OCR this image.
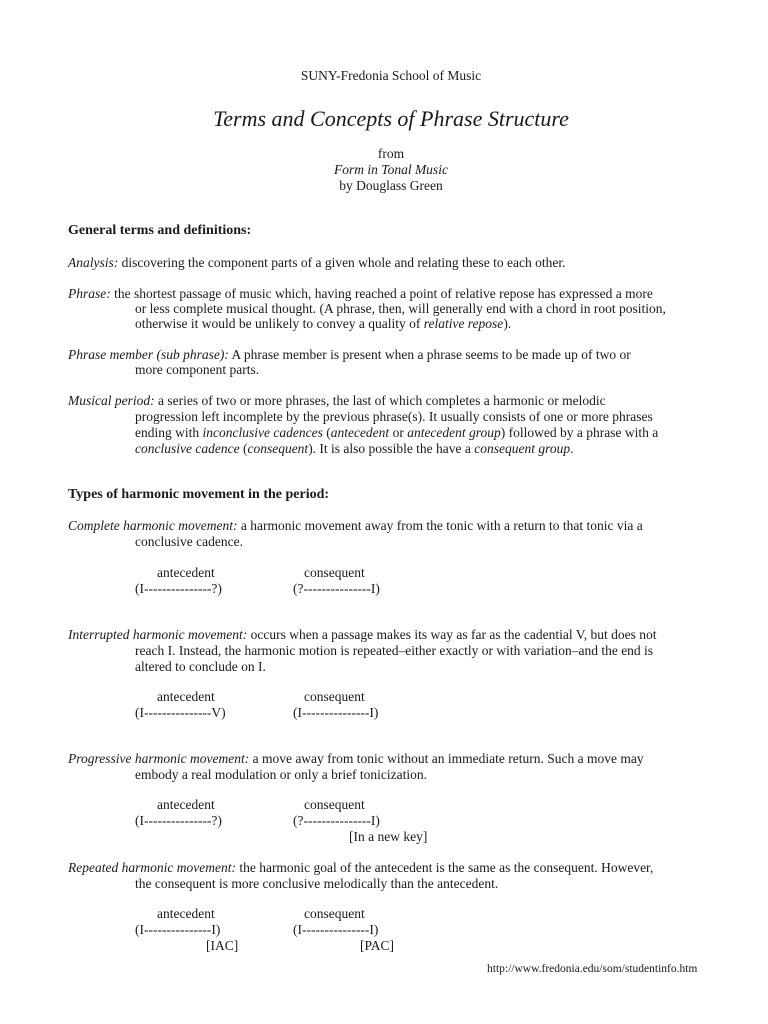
SUNY-Fredonia School of Music
Terms and Concepts of Phrase Structure
from
Form in Tonal Music
by Douglass Green
General terms and definitions:
Analysis: discovering the component parts of a given whole and relating these to each other.
Phrase: the shortest passage of music which, having reached a point of relative repose has expressed a more
or less complete musical thought. (A phrase, then, will generally end with a chord in root position,
otherwise it would be unlikely to convey a quality of relative repose).
Phrase member (sub phrase): A phrase member is present when a phrase seems to be made up of two or
more component parts.
Musical period: a series of two or more phrases, the last of which completes a harmonic or melodic
progression left incomplete by the previous phrase(s). It usually consists of one or more phrases
ending with inconclusive cadences (antecedent or antecedent group) followed by a phrase with a
conclusive cadence (consequent). It is also possible the have a consequent group.
Types of harmonic movement in the period:
Complete harmonic movement: a harmonic movement away from the tonic with a return to that tonic via a
conclusive cadence.
antecedent	consequent
(I---------------?)	(?---------------I)
Interrupted harmonic movement: occurs when a passage makes its way as far as the cadential V, but does not
reach I. Instead, the harmonic motion is repeated–either exactly or with variation–and the end is
altered to conclude on I.
antecedent	consequent
(I---------------V)	(I---------------I)
Progressive harmonic movement: a move away from tonic without an immediate return. Such a move may
embody a real modulation or only a brief tonicization.
antecedent	consequent
(I---------------?)	(?---------------I)
[In a new key]
Repeated harmonic movement: the harmonic goal of the antecedent is the same as the consequent. However,
the consequent is more conclusive melodically than the antecedent.
antecedent	consequent
(I---------------I)	(I---------------I)
[IAC]	[PAC]
http://www.fredonia.edu/som/studentinfo.htm
